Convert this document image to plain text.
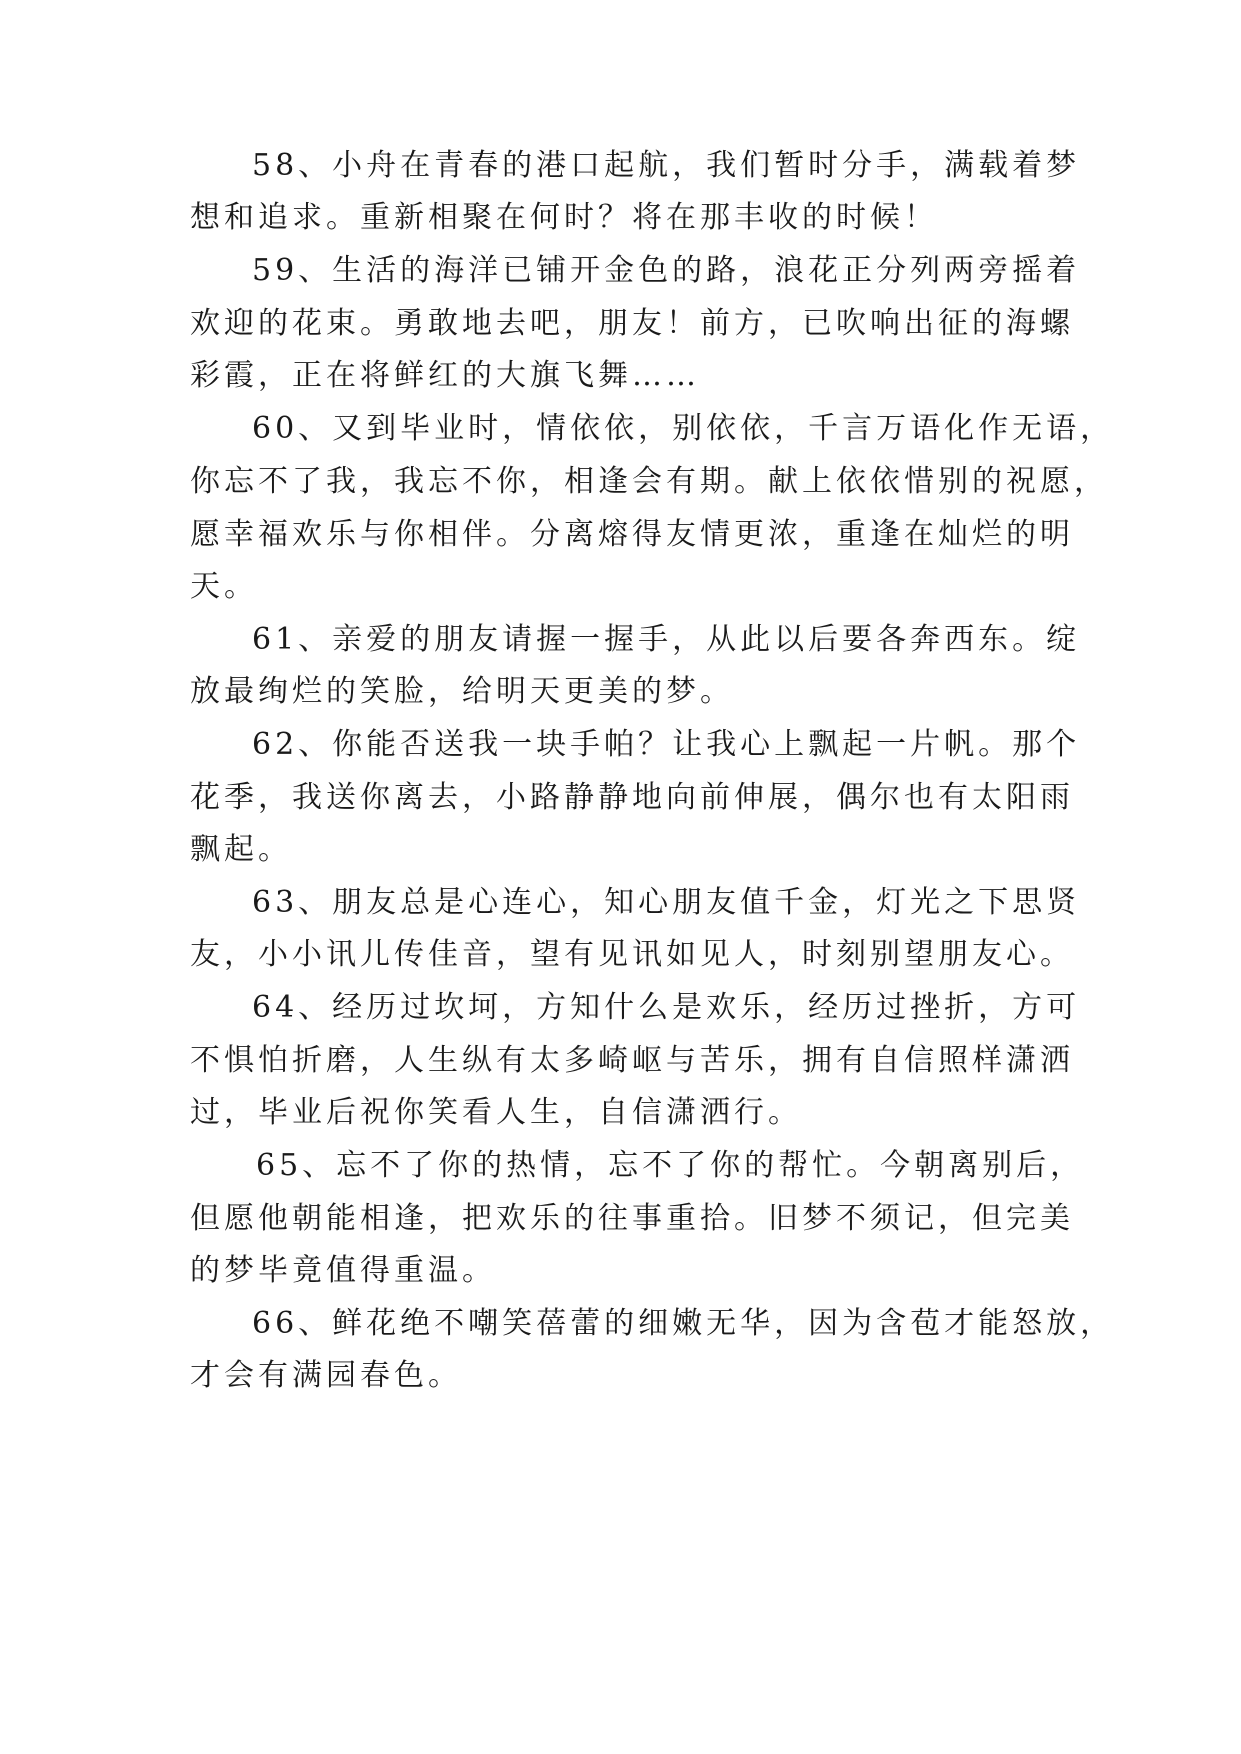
58、小舟在青春的港口起航，我们暂时分手，满载着梦

想和追求。重新相聚在何时？将在那丰收的时候！

59、生活的海洋已铺开金色的路，浪花正分列两旁摇着

欢迎的花束。勇敢地去吧，朋友！前方，已吹响出征的海螺

彩霞，正在将鲜红的大旗飞舞……

60、又到毕业时，情依依，别依依，千言万语化作无语，

你忘不了我，我忘不你，相逢会有期。献上依依惜别的祝愿，

愿幸福欢乐与你相伴。分离熔得友情更浓，重逢在灿烂的明

天。

61、亲爱的朋友请握一握手，从此以后要各奔西东。绽

放最绚烂的笑脸，给明天更美的梦。

62、你能否送我一块手帕？让我心上飘起一片帆。那个

花季，我送你离去，小路静静地向前伸展，偶尔也有太阳雨

飘起。

63、朋友总是心连心，知心朋友值千金，灯光之下思贤

友，小小讯儿传佳音，望有见讯如见人，时刻别望朋友心。

64、经历过坎坷，方知什么是欢乐，经历过挫折，方可

不惧怕折磨，人生纵有太多崎岖与苦乐，拥有自信照样潇洒

过，毕业后祝你笑看人生，自信潇洒行。

65、忘不了你的热情，忘不了你的帮忙。今朝离别后，

但愿他朝能相逢，把欢乐的往事重拾。旧梦不须记，但完美

的梦毕竟值得重温。

66、鲜花绝不嘲笑蓓蕾的细嫩无华，因为含苞才能怒放，

才会有满园春色。
